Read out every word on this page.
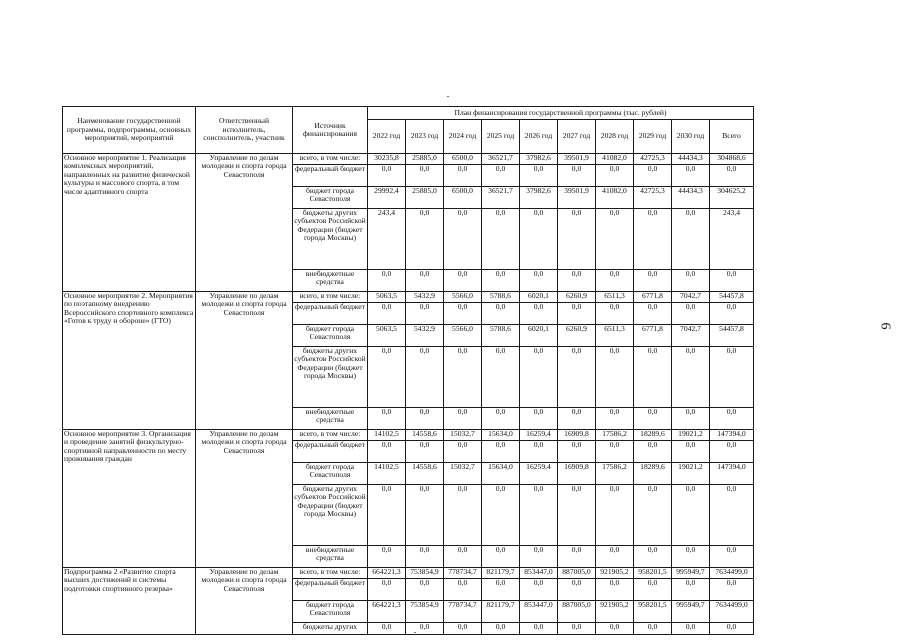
6
Наименование государственной программы, подпрограммы, основных мероприятий, мероприятий	Ответственный исполнитель, соисполнитель, участник	Источник финансирования	План финансирования государственной программы (тыс. рублей)									
			2022 год	2023 год	2024 год	2025 год	2026 год	2027 год	2028 год	2029 год	2030 год	Всего
Основное мероприятие 1. Реализация комплексных мероприятий, направленных на развитие физической культуры и массового спорта, в том числе адаптивного спорта	Управление по делам молодежи и спорта города Севастополя	всего, в том числе:	30235,8	25885,0	6500,0	36521,7	37982,6	39501,9	41082,0	42725,3	44434,3	304868,6
		федеральный бюджет	0,0	0,0	0,0	0,0	0,0	0,0	0,0	0,0	0,0	0,0
		бюджет города Севастополя	29992,4	25885,0	6500,0	36521,7	37982,6	39501,9	41082,0	42725,3	44434,3	304625,2
		бюджеты других субъектов Российской Федерации (бюджет города Москвы)	243,4	0,0	0,0	0,0	0,0	0,0	0,0	0,0	0,0	243,4
		внебюджетные средства	0,0	0,0	0,0	0,0	0,0	0,0	0,0	0,0	0,0	0,0
Основное мероприятие 2. Мероприятия по поэтапному внедрению Всероссийского спортивного комплекса «Готов к труду и обороне» (ГТО)	Управление по делам молодежи и спорта города Севастополя	всего, в том числе:	5063,5	5432,9	5566,0	5788,6	6020,1	6260,9	6511,3	6771,8	7042,7	54457,8
		федеральный бюджет	0,0	0,0	0,0	0,0	0,0	0,0	0,0	0,0	0,0	0,0
		бюджет города Севастополя	5063,5	5432,9	5566,0	5788,6	6020,1	6260,9	6511,3	6771,8	7042,7	54457,8
		бюджеты других субъектов Российской Федерации (бюджет города Москвы)	0,0	0,0	0,0	0,0	0,0	0,0	0,0	0,0	0,0	0,0
		внебюджетные средства	0,0	0,0	0,0	0,0	0,0	0,0	0,0	0,0	0,0	0,0
Основное мероприятие 3. Организация и проведение занятий физкультурно-спортивной направленности по месту проживания граждан	Управление по делам молодежи и спорта города Севастополя	всего, в том числе:	14102,5	14558,6	15032,7	15634,0	16259,4	16909,8	17586,2	18289,6	19021,2	147394,0
		федеральный бюджет	0,0	0,0	0,0	0,0	0,0	0,0	0,0	0,0	0,0	0,0
		бюджет города Севастополя	14102,5	14558,6	15032,7	15634,0	16259,4	16909,8	17586,2	18289,6	19021,2	147394,0
		бюджеты других субъектов Российской Федерации (бюджет города Москвы)	0,0	0,0	0,0	0,0	0,0	0,0	0,0	0,0	0,0	0,0
		внебюджетные средства	0,0	0,0	0,0	0,0	0,0	0,0	0,0	0,0	0,0	0,0
Подпрограмма 2 «Развитие спорта высших достижений и системы подготовки спортивного резерва»	Управление по делам молодежи и спорта города Севастополя	всего, в том числе:	664221,3	753854,9	778734,7	821179,7	853447,0	887005,0	921905,2	958201,5	995949,7	7634499,0
		федеральный бюджет	0,0	0,0	0,0	0,0	0,0	0,0	0,0	0,0	0,0	0,0
		бюджет города Севастополя	664221,3	753854,9	778734,7	821179,7	853447,0	887005,0	921905,2	958201,5	995949,7	7634499,0
		бюджеты других	0,0	0,0	0,0	0,0	0,0	0,0	0,0	0,0	0,0	0,0
